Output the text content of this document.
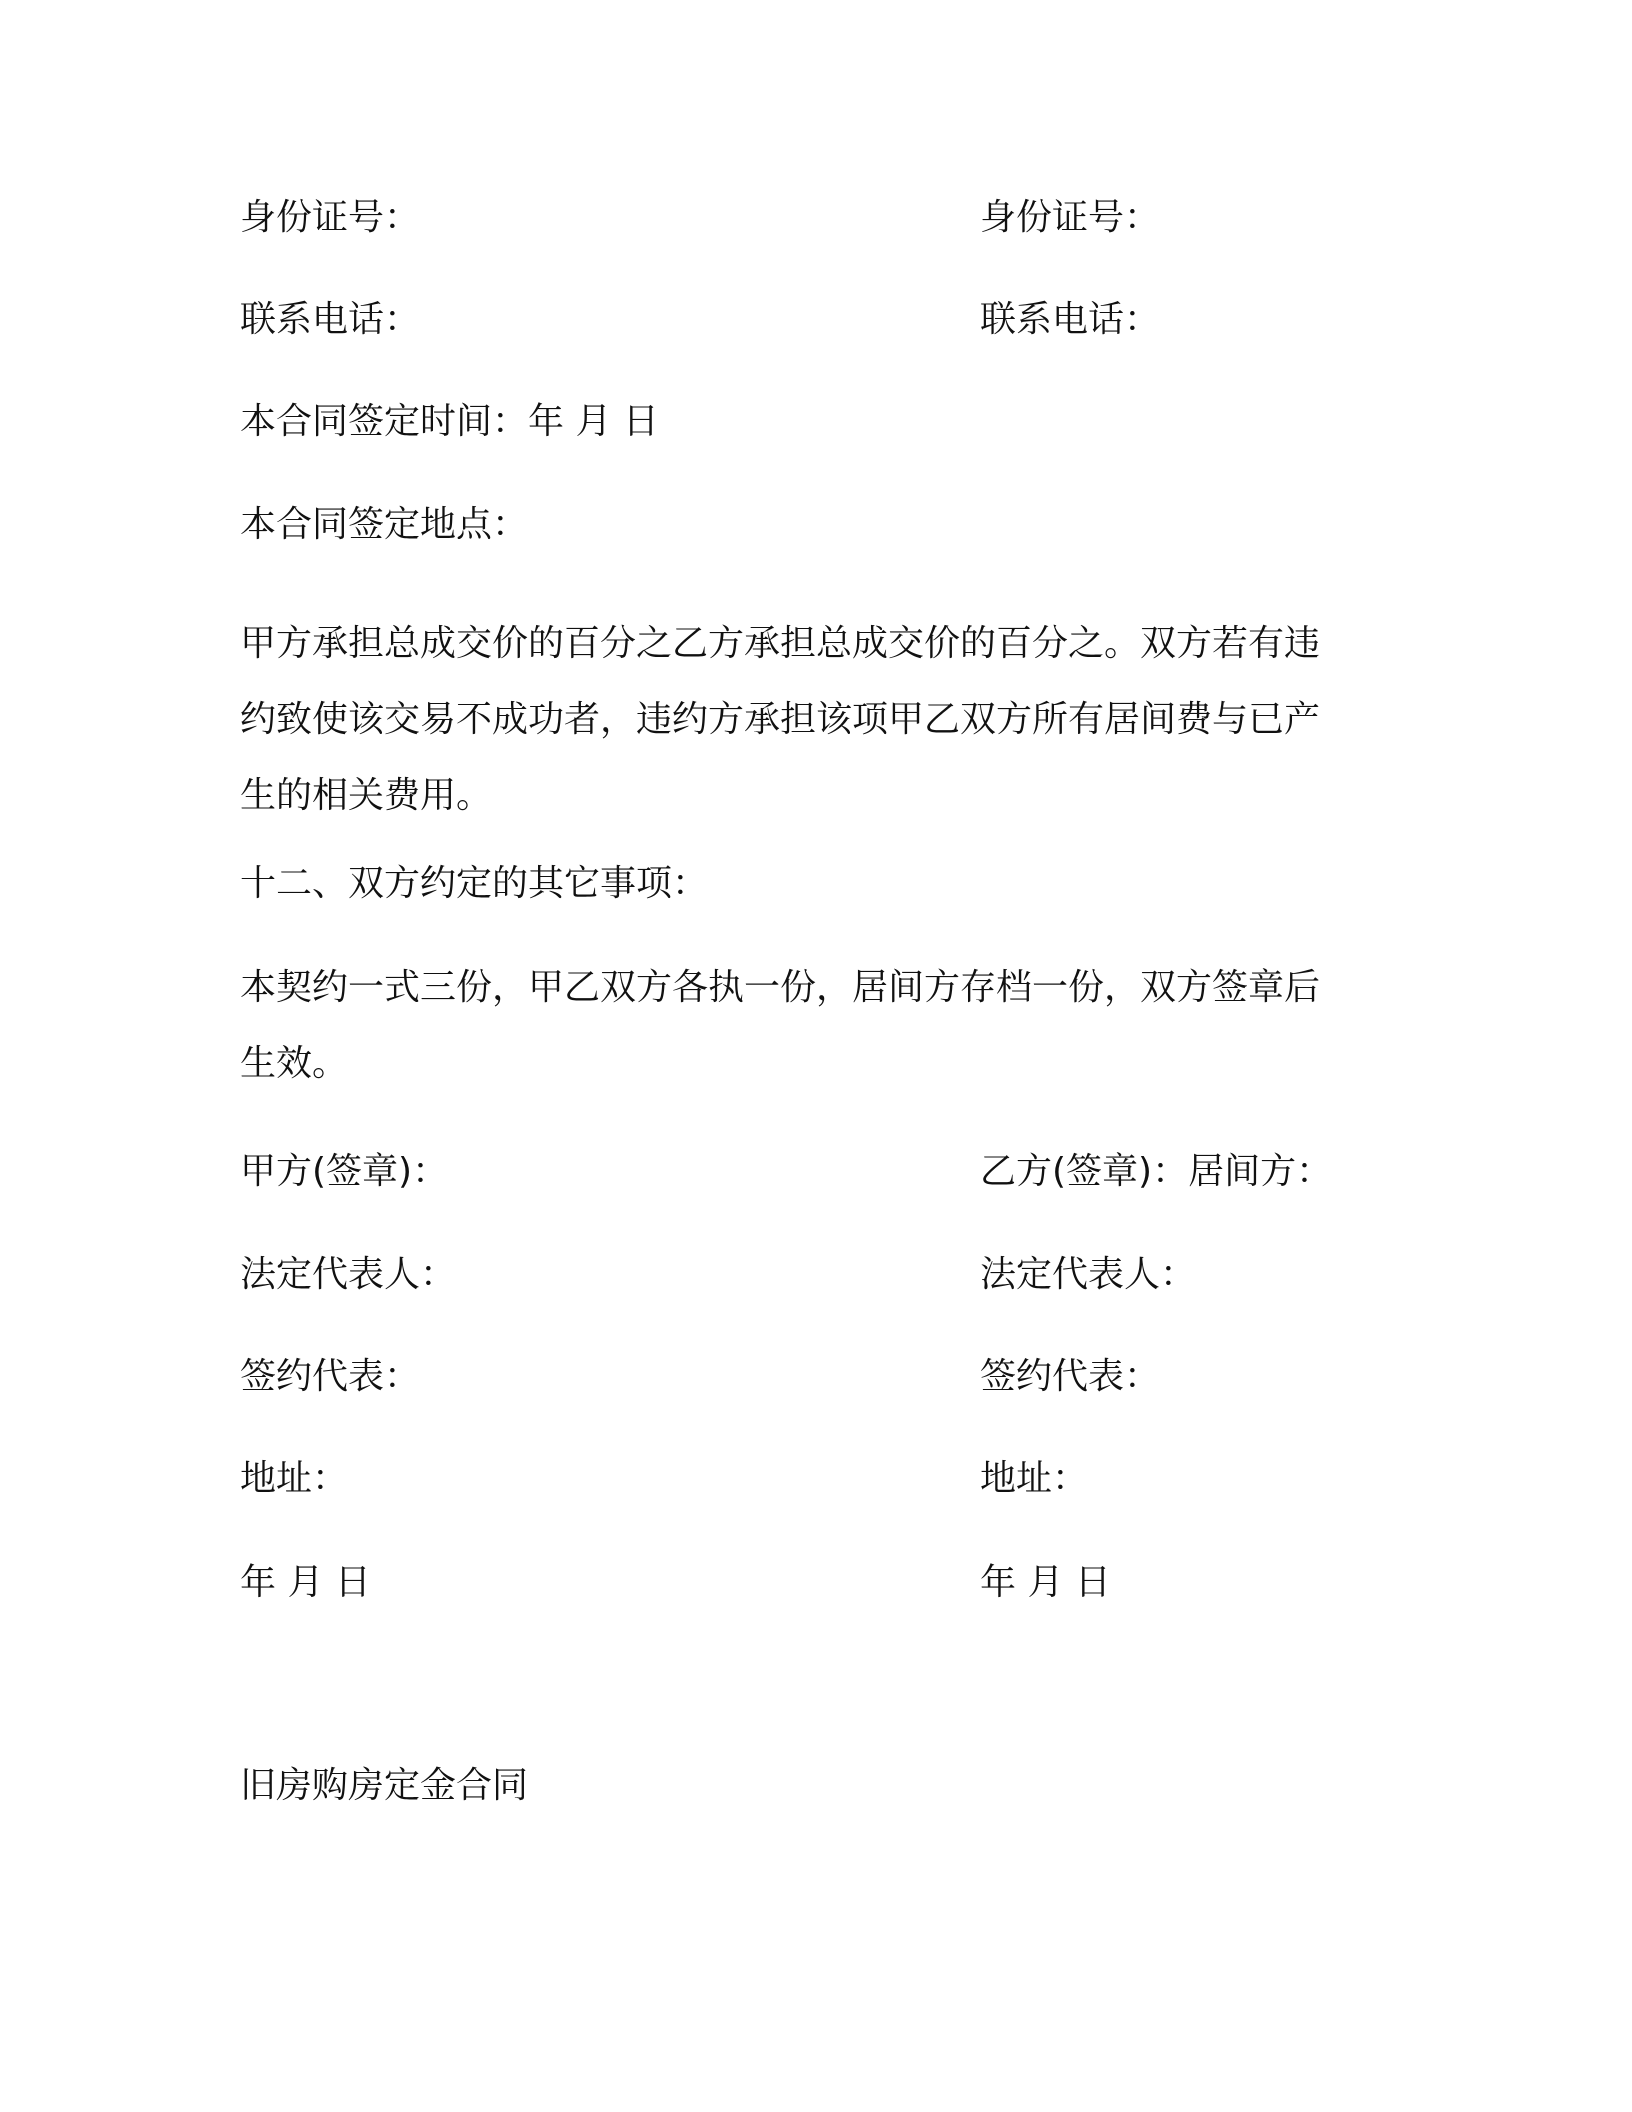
身份证号：	身份证号：
联系电话：	联系电话：
本合同签定时间：年 月 日
本合同签定地点：
甲方承担总成交价的百分之乙方承担总成交价的百分之。双方若有违
约致使该交易不成功者，违约方承担该项甲乙双方所有居间费与已产
生的相关费用。
十二、双方约定的其它事项：
本契约一式三份，甲乙双方各执一份，居间方存档一份，双方签章后
生效。
甲方(签章)：	乙方(签章)：居间方：
法定代表人：	法定代表人：
签约代表：	签约代表：
地址：	地址：
年 月 日	年 月 日
旧房购房定金合同
